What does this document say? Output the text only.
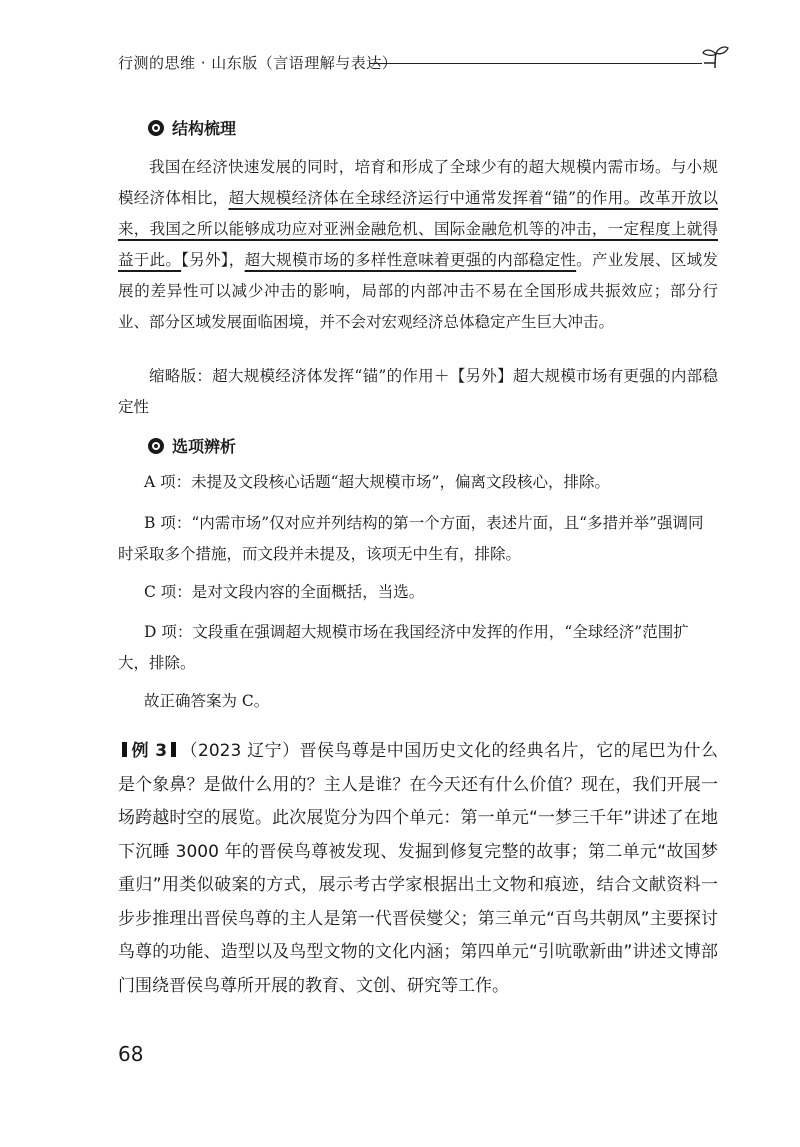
行测的思维 · 山东版（言语理解与表达）
结构梳理

我国在经济快速发展的同时，培育和形成了全球少有的超大规模内需市场。与小规模经济体相比，超大规模经济体在全球经济运行中通常发挥着“锚”的作用。改革开放以来，我国之所以能够成功应对亚洲金融危机、国际金融危机等的冲击，一定程度上就得益于此。【另外】，超大规模市场的多样性意味着更强的内部稳定性。产业发展、区域发展的差异性可以减少冲击的影响，局部的内部冲击不易在全国形成共振效应；部分行业、部分区域发展面临困境，并不会对宏观经济总体稳定产生巨大冲击。

缩略版：超大规模经济体发挥“锚”的作用＋【另外】超大规模市场有更强的内部稳定性

选项辨析

A 项：未提及文段核心话题“超大规模市场”，偏离文段核心，排除。

B 项：“内需市场”仅对应并列结构的第一个方面，表述片面，且“多措并举”强调同时采取多个措施，而文段并未提及，该项无中生有，排除。

C 项：是对文段内容的全面概括，当选。

D 项：文段重在强调超大规模市场在我国经济中发挥的作用，“全球经济”范围扩大，排除。

故正确答案为 C。

例 3 （2023 辽宁）晋侯鸟尊是中国历史文化的经典名片，它的尾巴为什么是个象鼻？是做什么用的？主人是谁？在今天还有什么价值？现在，我们开展一场跨越时空的展览。此次展览分为四个单元：第一单元“一梦三千年”讲述了在地下沉睡 3000 年的晋侯鸟尊被发现、发掘到修复完整的故事；第二单元“故国梦重归”用类似破案的方式，展示考古学家根据出土文物和痕迹，结合文献资料一步步推理出晋侯鸟尊的主人是第一代晋侯燮父；第三单元“百鸟共朝凤”主要探讨鸟尊的功能、造型以及鸟型文物的文化内涵；第四单元“引吭歌新曲”讲述文博部门围绕晋侯鸟尊所开展的教育、文创、研究等工作。

68
